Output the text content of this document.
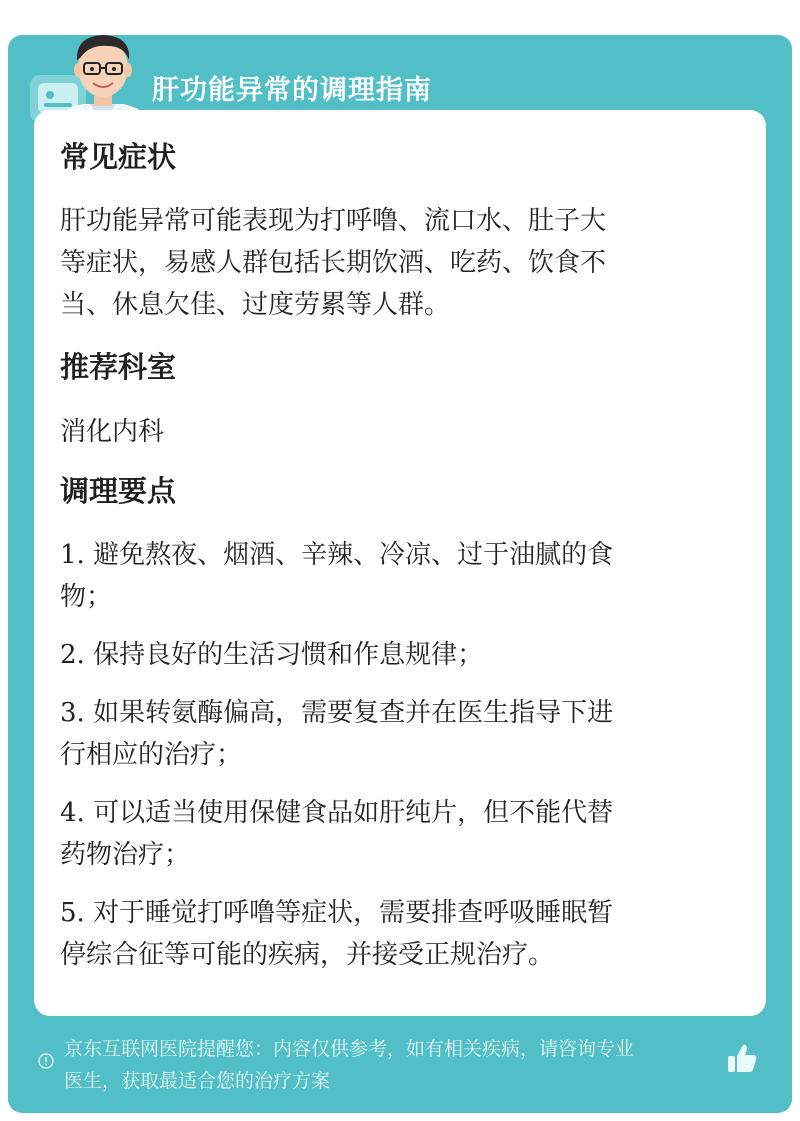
肝功能异常的调理指南
常见症状
肝功能异常可能表现为打呼噜、流口水、肚子大
等症状，易感人群包括长期饮酒、吃药、饮食不
当、休息欠佳、过度劳累等人群。
推荐科室
消化内科
调理要点
1. 避免熬夜、烟酒、辛辣、冷凉、过于油腻的食
物；
2. 保持良好的生活习惯和作息规律；
3. 如果转氨酶偏高，需要复查并在医生指导下进
行相应的治疗；
4. 可以适当使用保健食品如肝纯片，但不能代替
药物治疗；
5. 对于睡觉打呼噜等症状，需要排查呼吸睡眠暂
停综合征等可能的疾病，并接受正规治疗。
京东互联网医院提醒您：内容仅供参考，如有相关疾病，请咨询专业
医生，获取最适合您的治疗方案
